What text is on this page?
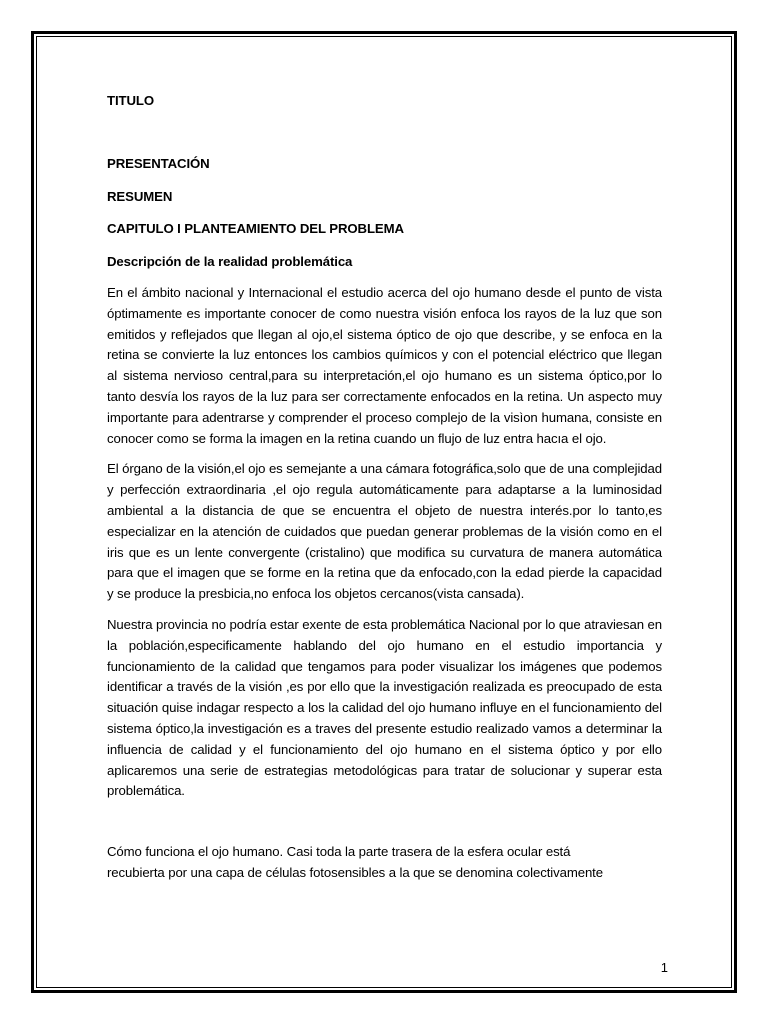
TITULO

PRESENTACIÓN

RESUMEN

CAPITULO I PLANTEAMIENTO DEL PROBLEMA

Descripción de la realidad problemática

En el ámbito nacional y Internacional el estudio acerca del ojo humano desde el punto de vista óptimamente es importante conocer de como nuestra visión enfoca los rayos de la luz que son emitidos y reflejados que llegan al ojo,el sistema óptico de ojo que describe, y se enfoca en la retina se convierte la luz entonces los cambios químicos y con el potencial eléctrico que llegan al sistema nervioso central,para su interpretación,el ojo humano es un sistema óptico,por lo tanto desvía los rayos de la luz para ser correctamente enfocados en la retina. Un aspecto muy importante para adentrarse y comprender el proceso complejo de la visìon humana, consiste en conocer como se forma la imagen en la retina cuando un flujo de luz entra hacıa el ojo.

El órgano de la visión,el ojo es semejante a una cámara fotográfica,solo que de una complejidad y perfección extraordinaria ,el ojo regula automáticamente para adaptarse a la luminosidad ambiental a la distancia de que se encuentra el objeto de nuestra interés.por lo tanto,es especializar en la atención de cuidados que puedan generar problemas de la visión como en el iris que es un lente convergente (cristalino) que modifica su curvatura de manera automática para que el imagen que se forme en la retina que da enfocado,con la edad pierde la capacidad y se produce la presbicia,no enfoca los objetos cercanos(vista cansada).

Nuestra provincia no podría estar exente de esta problemática Nacional por lo que atraviesan en la población,especificamente hablando del ojo humano en el estudio importancia y funcionamiento de la calidad que tengamos para poder visualizar los imágenes que podemos identificar a través de la visión ,es por ello que la investigación realizada es preocupado de esta situación quise indagar respecto a los la calidad del ojo humano influye en el funcionamiento del sistema óptico,la investigación es a traves del presente estudio realizado vamos a determinar la influencia de calidad y el funcionamiento del ojo humano en el sistema óptico y por ello aplicaremos una serie de estrategias metodológicas para tratar de solucionar y superar esta problemática.

Cómo funciona el ojo humano. Casi toda la parte trasera de la esfera ocular está

recubierta por una capa de células fotosensibles a la que se denomina colectivamente

1
